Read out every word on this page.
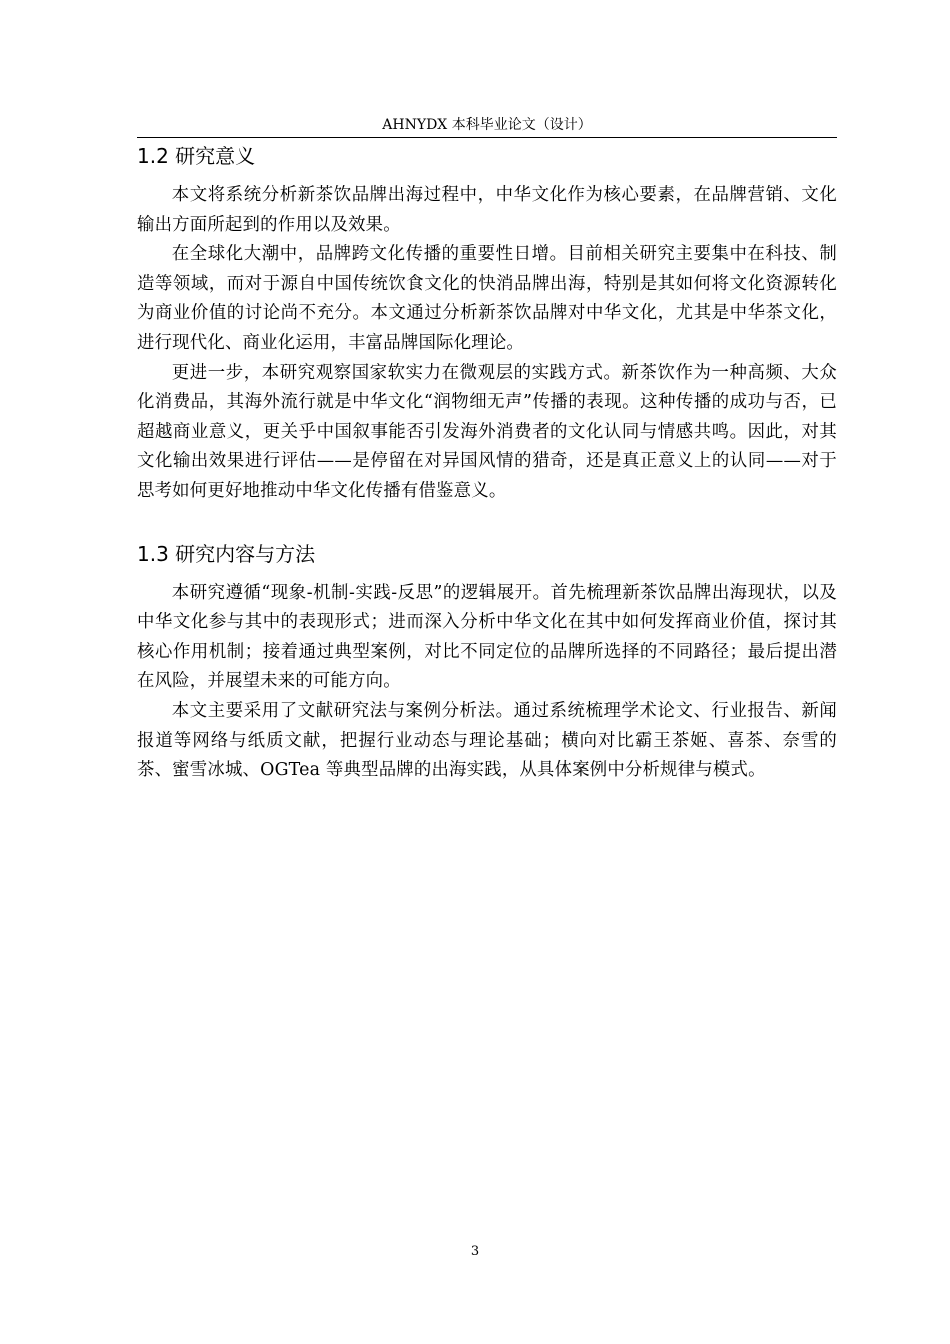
AHNYDX 本科毕业论文（设计）
1.2 研究意义

本文将系统分析新茶饮品牌出海过程中，中华文化作为核心要素，在品牌营销、文化输出方面所起到的作用以及效果。

在全球化大潮中，品牌跨文化传播的重要性日增。目前相关研究主要集中在科技、制造等领域，而对于源自中国传统饮食文化的快消品牌出海，特别是其如何将文化资源转化为商业价值的讨论尚不充分。本文通过分析新茶饮品牌对中华文化，尤其是中华茶文化，进行现代化、商业化运用，丰富品牌国际化理论。

更进一步，本研究观察国家软实力在微观层的实践方式。新茶饮作为一种高频、大众化消费品，其海外流行就是中华文化“润物细无声”传播的表现。这种传播的成功与否，已超越商业意义，更关乎中国叙事能否引发海外消费者的文化认同与情感共鸣。因此，对其文化输出效果进行评估——是停留在对异国风情的猎奇，还是真正意义上的认同——对于思考如何更好地推动中华文化传播有借鉴意义。

1.3 研究内容与方法

本研究遵循“现象-机制-实践-反思”的逻辑展开。首先梳理新茶饮品牌出海现状，以及中华文化参与其中的表现形式；进而深入分析中华文化在其中如何发挥商业价值，探讨其核心作用机制；接着通过典型案例，对比不同定位的品牌所选择的不同路径；最后提出潜在风险，并展望未来的可能方向。

本文主要采用了文献研究法与案例分析法。通过系统梳理学术论文、行业报告、新闻报道等网络与纸质文献，把握行业动态与理论基础；横向对比霸王茶姬、喜茶、奈雪的茶、蜜雪冰城、OGTea 等典型品牌的出海实践，从具体案例中分析规律与模式。

3
